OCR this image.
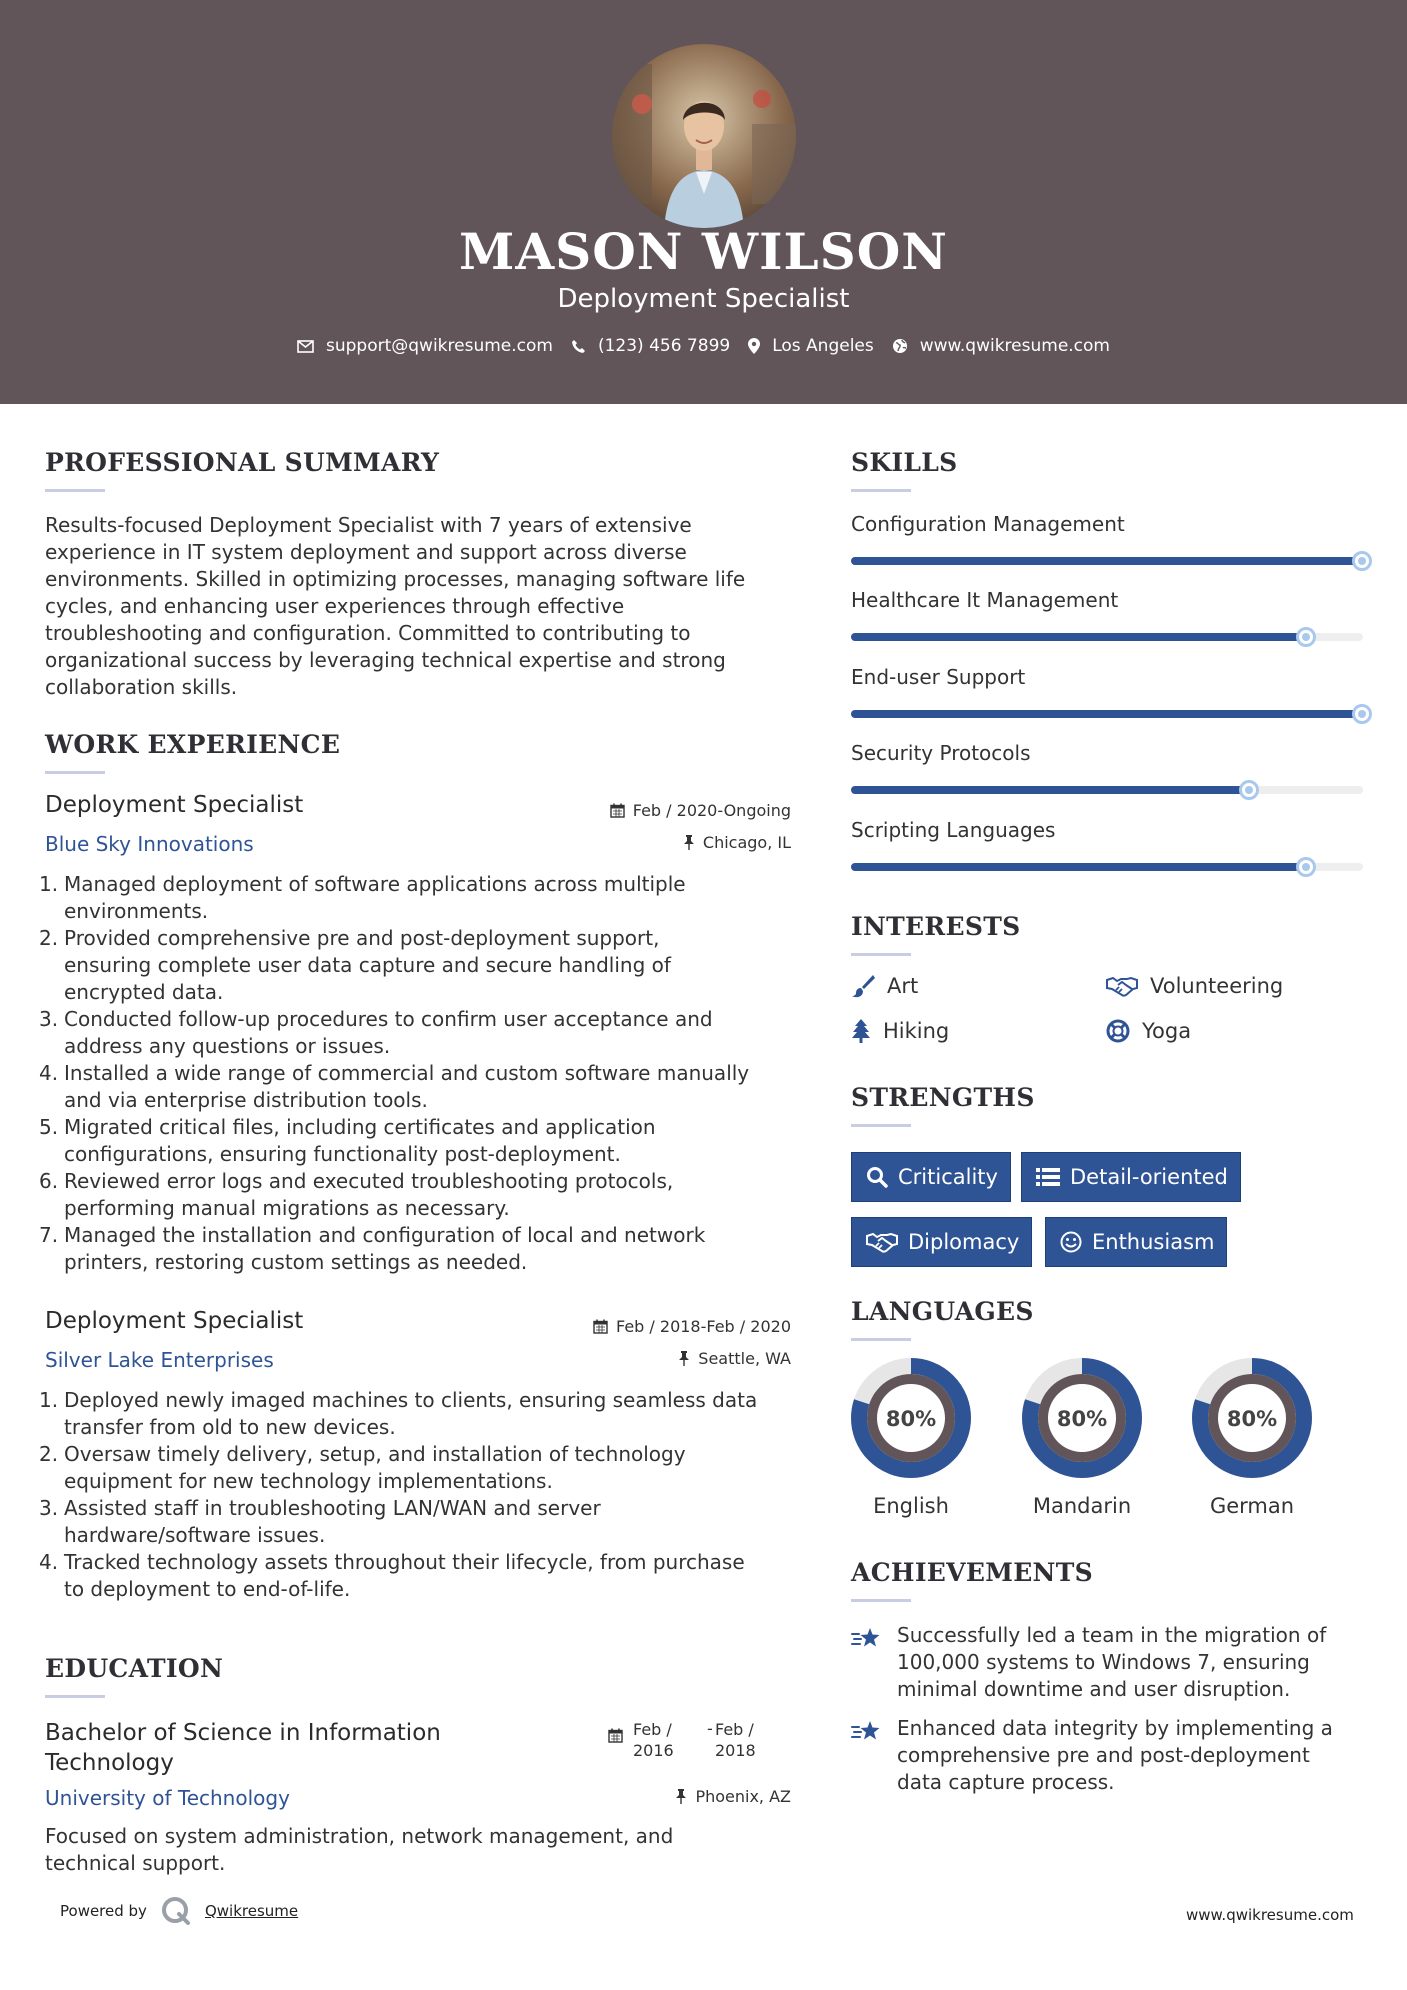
MASON WILSON
Deployment Specialist
support@qwikresume.com	(123) 456 7899 Los Angeles	www.qwikresume.com
PROFESSIONAL SUMMARY
Results-focused Deployment Specialist with 7 years of extensive
experience in IT system deployment and support across diverse
environments. Skilled in optimizing processes, managing software life
cycles, and enhancing user experiences through effective
troubleshooting and configuration. Committed to contributing to
organizational success by leveraging technical expertise and strong
collaboration skills.
WORK EXPERIENCE
Deployment Specialist	Feb / 2020-Ongoing
Blue Sky Innovations	Chicago, IL
1. Managed deployment of software applications across multiple
environments.
2. Provided comprehensive pre and post-deployment support,
ensuring complete user data capture and secure handling of
encrypted data.
3. Conducted follow-up procedures to confirm user acceptance and
address any questions or issues.
4. Installed a wide range of commercial and custom software manually
and via enterprise distribution tools.
5. Migrated critical files, including certificates and application
configurations, ensuring functionality post-deployment.
6. Reviewed error logs and executed troubleshooting protocols,
performing manual migrations as necessary.
7. Managed the installation and configuration of local and network
printers, restoring custom settings as needed.
Deployment Specialist	Feb / 2018-Feb / 2020
Silver Lake Enterprises	Seattle, WA
1. Deployed newly imaged machines to clients, ensuring seamless data
transfer from old to new devices.
2. Oversaw timely delivery, setup, and installation of technology
equipment for new technology implementations.
3. Assisted staff in troubleshooting LAN/WAN and server
hardware/software issues.
4. Tracked technology assets throughout their lifecycle, from purchase
to deployment to end-of-life.
EDUCATION
Bachelor of Science in Information
Technology
Feb /
2016
- Feb /
2018
University of Technology	Phoenix, AZ
Focused on system administration, network management, and
technical support.
SKILLS
Configuration Management
Healthcare It Management
End-user Support
Security Protocols
Scripting Languages
INTERESTS
Art	Volunteering
Hiking	Yoga
STRENGTHS
Criticality	Detail-oriented
Diplomacy	Enthusiasm
LANGUAGES
80%
English
80%
Mandarin
80%
German
ACHIEVEMENTS
Successfully led a team in the migration of
100,000 systems to Windows 7, ensuring
minimal downtime and user disruption.
Enhanced data integrity by implementing a
comprehensive pre and post-deployment
data capture process.
Powered by	Qwikresume	www.qwikresume.com
